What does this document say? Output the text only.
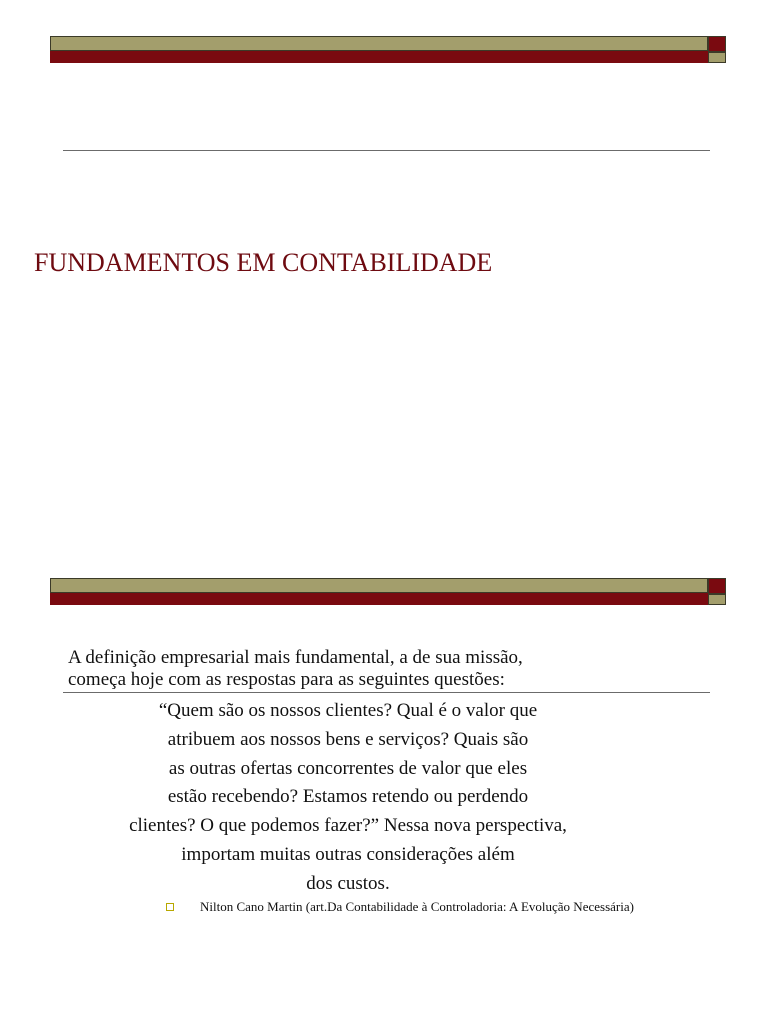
FUNDAMENTOS EM CONTABILIDADE
A definição empresarial mais fundamental, a de sua missão,
começa hoje com as respostas para as seguintes questões:
“Quem são os nossos clientes? Qual é o valor que
atribuem aos nossos bens e serviços? Quais são
as outras ofertas concorrentes de valor que eles
estão recebendo? Estamos retendo ou perdendo
clientes? O que podemos fazer?” Nessa nova perspectiva,
importam muitas outras considerações além
dos custos.
Nilton Cano Martin (art.Da Contabilidade à Controladoria: A Evolução Necessária)
